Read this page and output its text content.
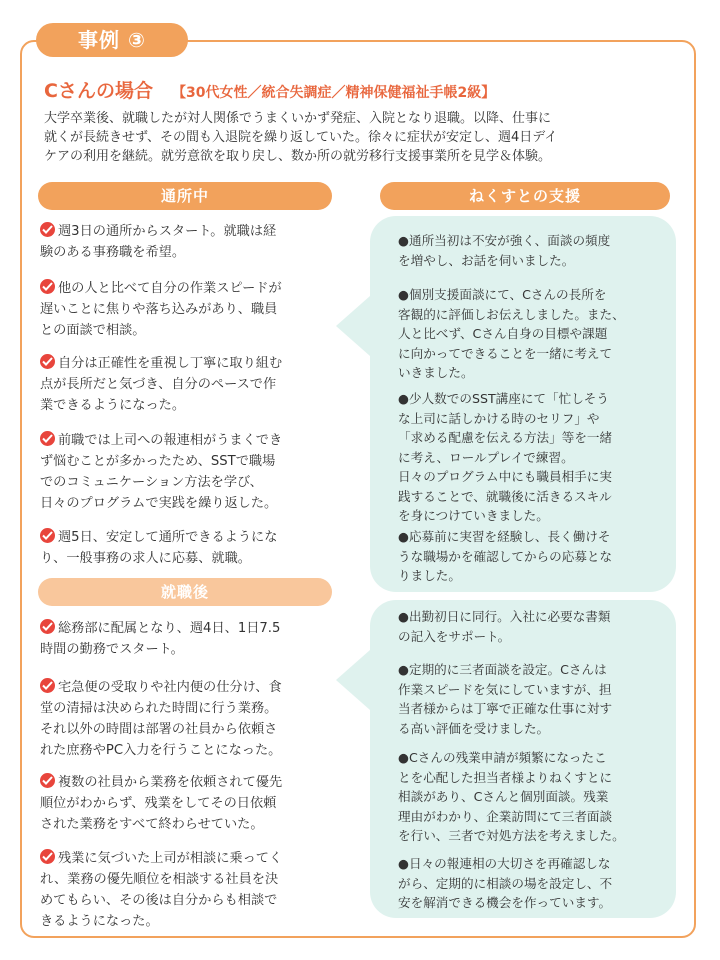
事例 ③
Cさんの場合 【30代女性／統合失調症／精神保健福祉手帳2級】
大学卒業後、就職したが対人関係でうまくいかず発症、入院となり退職。以降、仕事に
就くが長続きせず、その間も入退院を繰り返していた。徐々に症状が安定し、週4日デイ
ケアの利用を継続。就労意欲を取り戻し、数か所の就労移行支援事業所を見学＆体験。
通所中	ねくすとの支援
就職後
週3日の通所からスタート。就職は経
験のある事務職を希望。
他の人と比べて自分の作業スピードが
遅いことに焦りや落ち込みがあり、職員
との面談で相談。
自分は正確性を重視し丁寧に取り組む
点が長所だと気づき、自分のペースで作
業できるようになった。
前職では上司への報連相がうまくでき
ず悩むことが多かったため、SSTで職場
でのコミュニケーション方法を学び、
日々のプログラムで実践を繰り返した。
週5日、安定して通所できるようにな
り、一般事務の求人に応募、就職。
総務部に配属となり、週4日、1日7.5
時間の勤務でスタート。
宅急便の受取りや社内便の仕分け、食
堂の清掃は決められた時間に行う業務。
それ以外の時間は部署の社員から依頼さ
れた庶務やPC入力を行うことになった。
複数の社員から業務を依頼されて優先
順位がわからず、残業をしてその日依頼
された業務をすべて終わらせていた。
残業に気づいた上司が相談に乗ってく
れ、業務の優先順位を相談する社員を決
めてもらい、その後は自分からも相談で
きるようになった。
●通所当初は不安が強く、面談の頻度
を増やし、お話を伺いました。
●個別支援面談にて、Cさんの長所を
客観的に評価しお伝えしました。また、
人と比べず、Cさん自身の目標や課題
に向かってできることを一緒に考えて
いきました。
●少人数でのSST講座にて「忙しそう
な上司に話しかける時のセリフ」や
「求める配慮を伝える方法」等を一緒
に考え、ロールプレイで練習。
日々のプログラム中にも職員相手に実
践することで、就職後に活きるスキル
を身につけていきました。
●応募前に実習を経験し、長く働けそ
うな職場かを確認してからの応募とな
りました。
●出勤初日に同行。入社に必要な書類
の記入をサポート。
●定期的に三者面談を設定。Cさんは
作業スピードを気にしていますが、担
当者様からは丁寧で正確な仕事に対す
る高い評価を受けました。
●Cさんの残業申請が頻繁になったこ
とを心配した担当者様よりねくすとに
相談があり、Cさんと個別面談。残業
理由がわかり、企業訪問にて三者面談
を行い、三者で対処方法を考えました。
●日々の報連相の大切さを再確認しな
がら、定期的に相談の場を設定し、不
安を解消できる機会を作っています。
